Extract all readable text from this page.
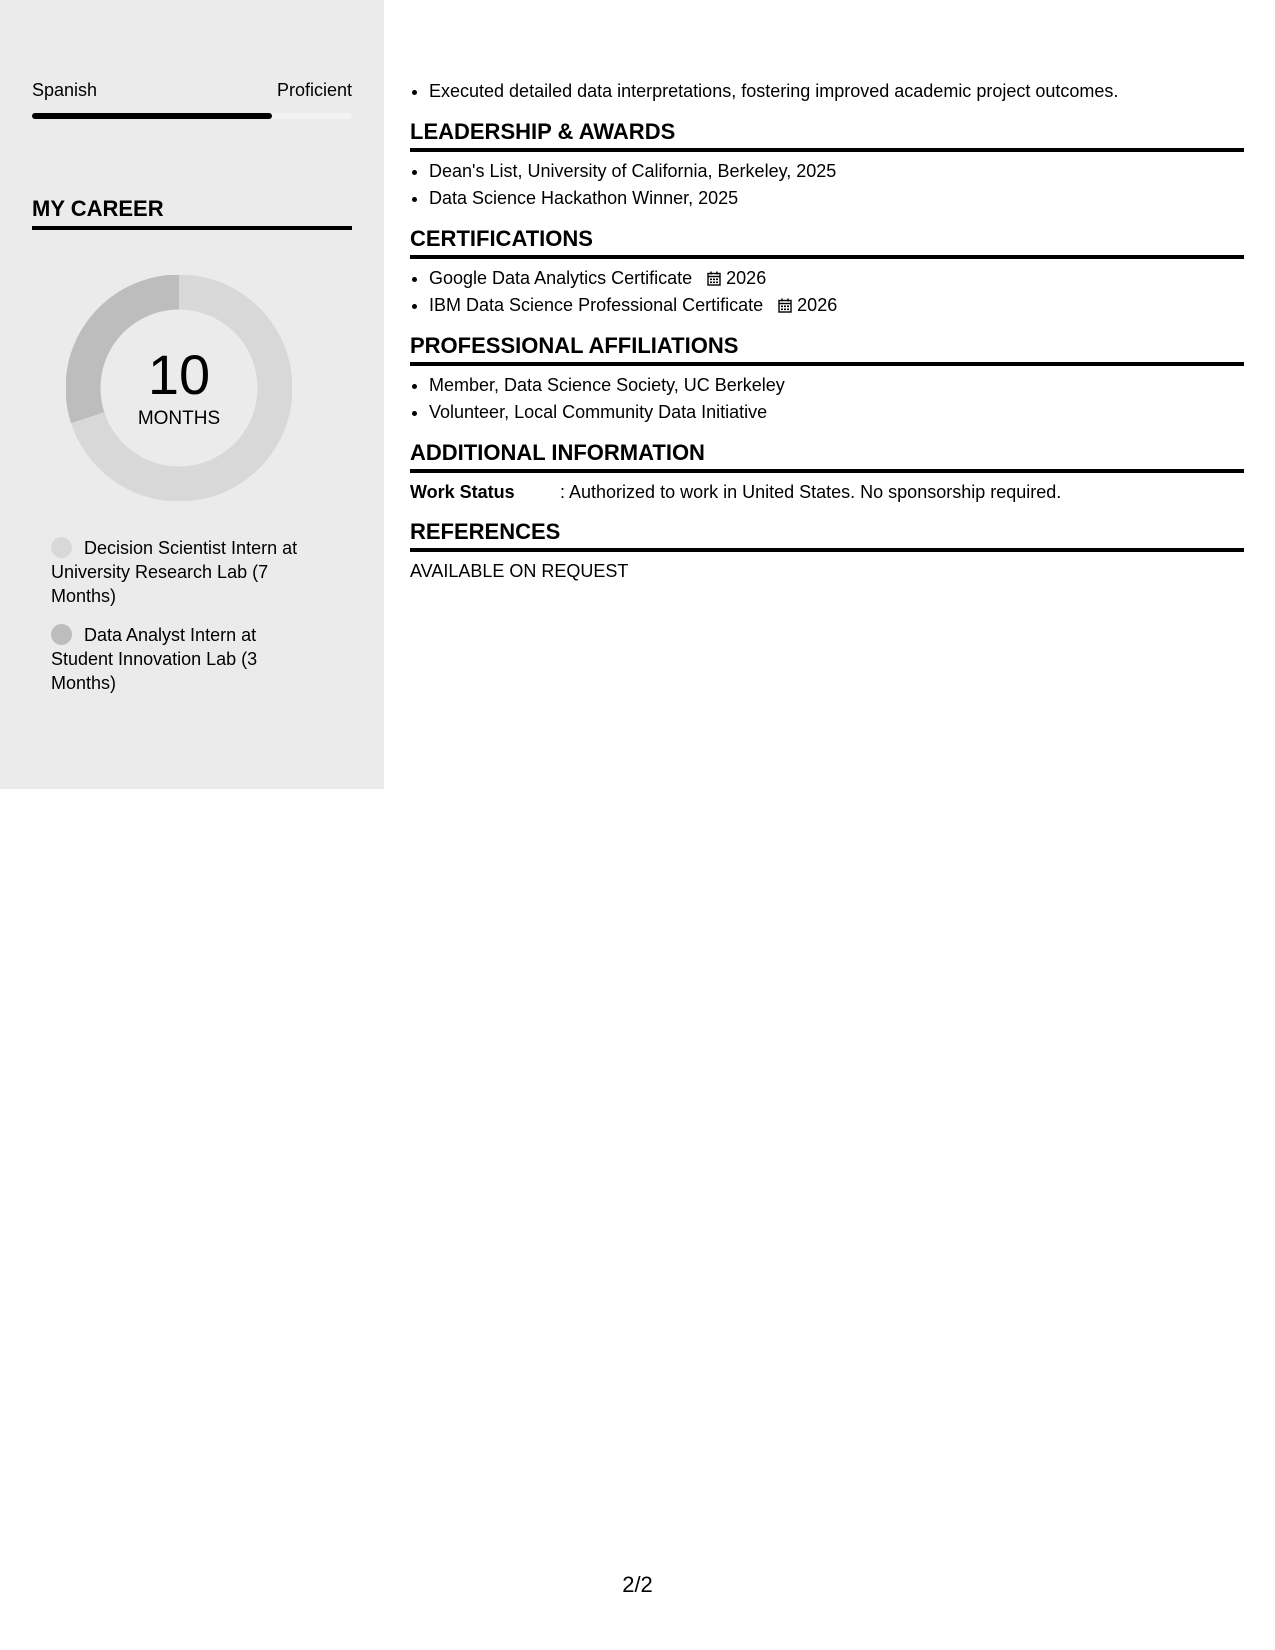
Spanish	Proficient
MY CAREER
10
MONTHS
Decision Scientist Intern at University Research Lab (7 Months)
Data Analyst Intern at Student Innovation Lab (3 Months)
• Executed detailed data interpretations, fostering improved academic project outcomes.
LEADERSHIP & AWARDS
• Dean's List, University of California, Berkeley, 2025
• Data Science Hackathon Winner, 2025
CERTIFICATIONS
• Google Data Analytics Certificate 2026
• IBM Data Science Professional Certificate 2026
PROFESSIONAL AFFILIATIONS
• Member, Data Science Society, UC Berkeley
• Volunteer, Local Community Data Initiative
ADDITIONAL INFORMATION
Work Status	: Authorized to work in United States. No sponsorship required.
REFERENCES
AVAILABLE ON REQUEST
2/2
